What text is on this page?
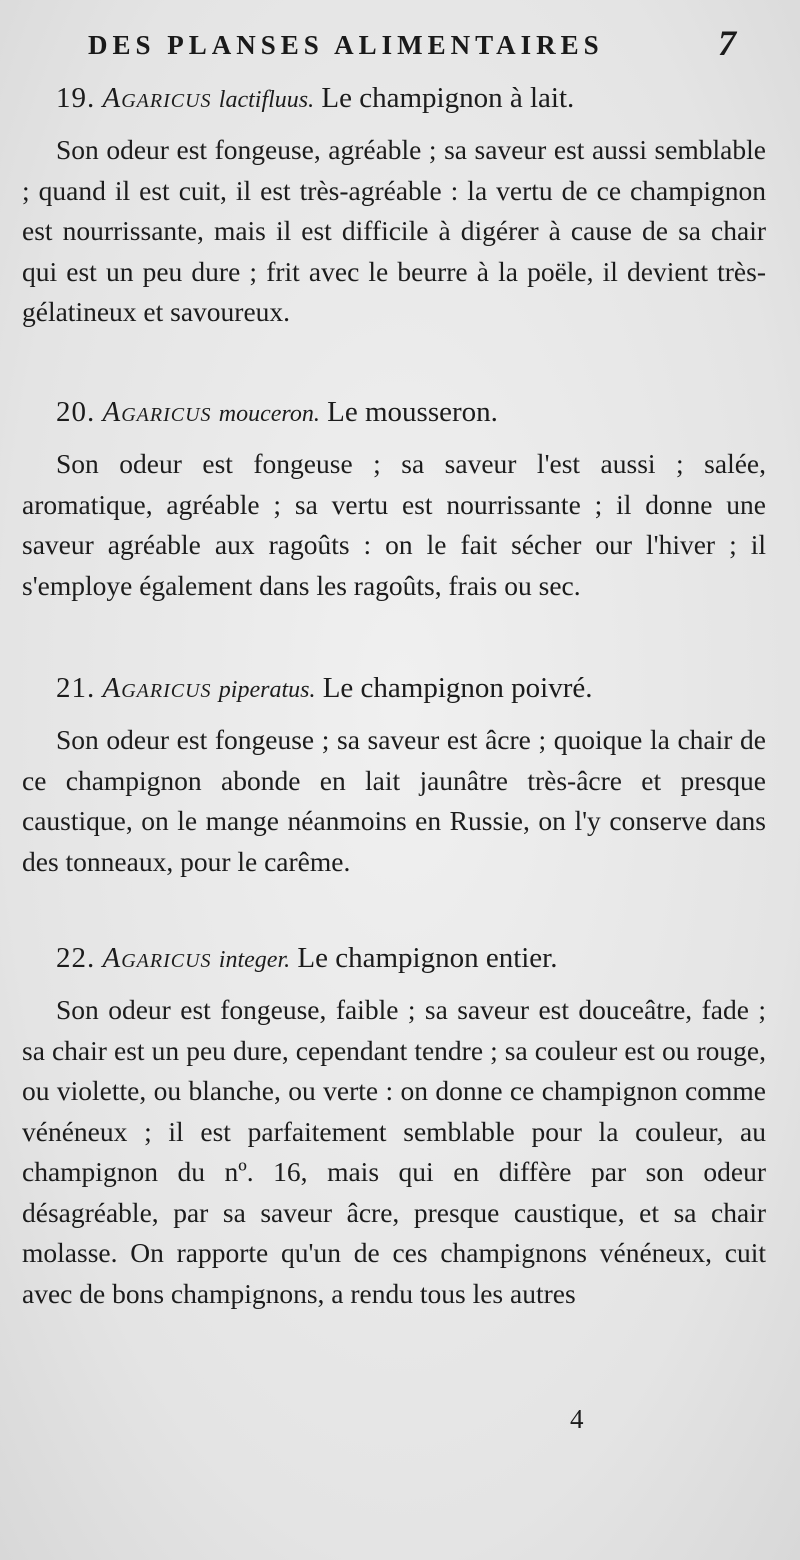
DES PLANSES ALIMENTAIRES	7
19. Agaricus lactifluus. Le champignon à lait.

Son odeur est fongeuse, agréable ; sa saveur est aussi semblable ; quand il est cuit, il est très-agréable : la vertu de ce champignon est nourrissante, mais il est difficile à digérer à cause de sa chair qui est un peu dure ; frit avec le beurre à la poële, il devient très-gélatineux et savoureux.

20. Agaricus mouceron. Le mousseron.

Son odeur est fongeuse ; sa saveur l'est aussi ; salée, aromatique, agréable ; sa vertu est nourrissante ; il donne une saveur agréable aux ragoûts : on le fait sécher our l'hiver ; il s'employe également dans les ragoûts, frais ou sec.

21. Agaricus piperatus. Le champignon poivré.

Son odeur est fongeuse ; sa saveur est âcre ; quoique la chair de ce champignon abonde en lait jaunâtre très-âcre et presque caustique, on le mange néanmoins en Russie, on l'y conserve dans des tonneaux, pour le carême.

22. Agaricus integer. Le champignon entier.

Son odeur est fongeuse, faible ; sa saveur est douceâtre, fade ; sa chair est un peu dure, cependant tendre ; sa couleur est ou rouge, ou violette, ou blanche, ou verte : on donne ce champignon comme vénéneux ; il est parfaitement semblable pour la couleur, au champignon du nº. 16, mais qui en diffère par son odeur désagréable, par sa saveur âcre, presque caustique, et sa chair molasse. On rapporte qu'un de ces champignons vénéneux, cuit avec de bons champignons, a rendu tous les autres

4
